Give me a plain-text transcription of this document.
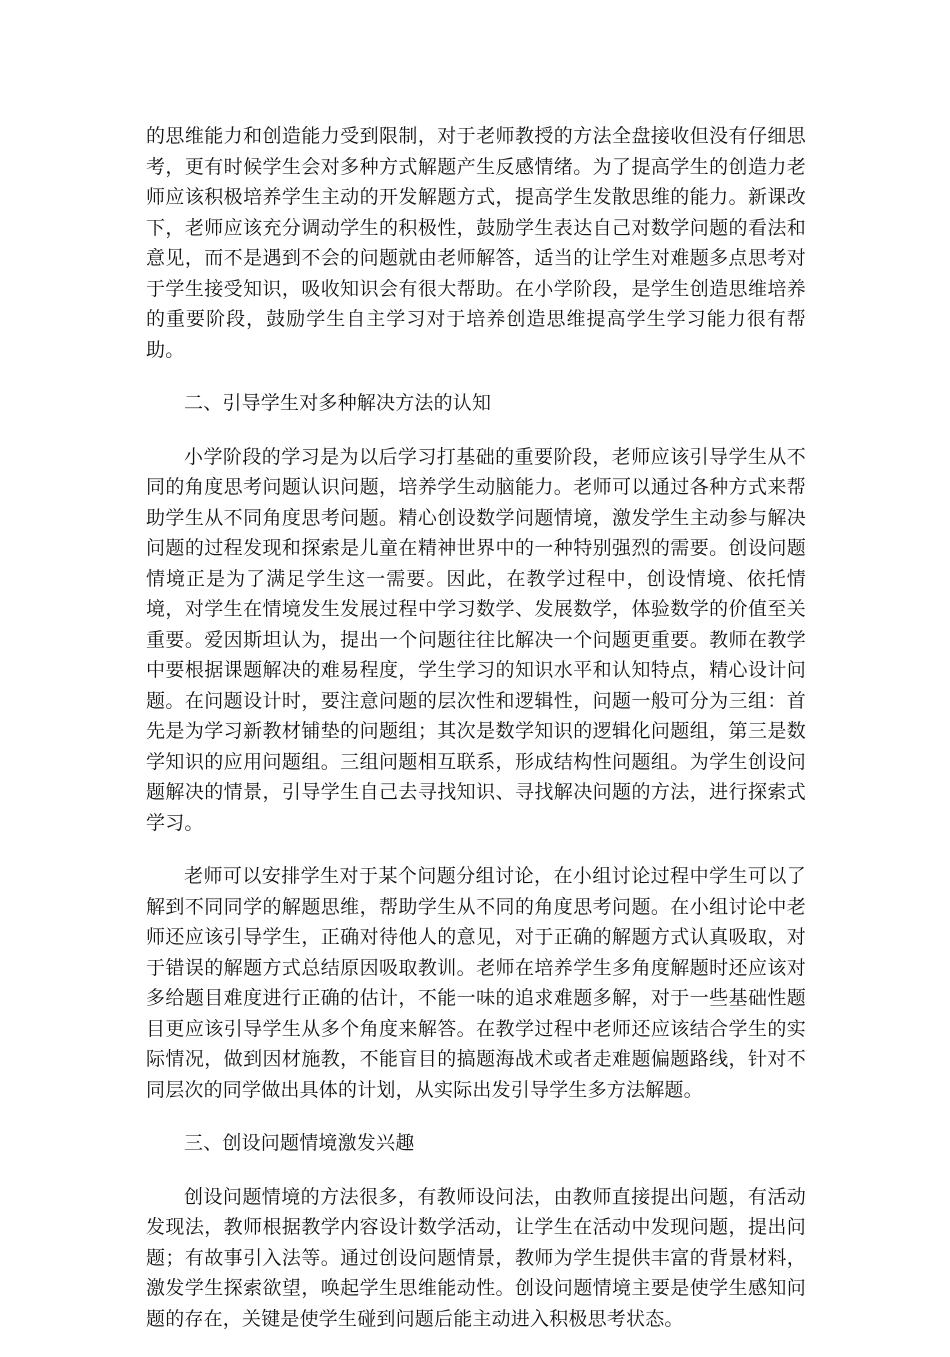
的思维能力和创造能力受到限制，对于老师教授的方法全盘接收但没有仔细思考，更有时候学生会对多种方式解题产生反感情绪。为了提高学生的创造力老师应该积极培养学生主动的开发解题方式，提高学生发散思维的能力。新课改下，老师应该充分调动学生的积极性，鼓励学生表达自己对数学问题的看法和意见，而不是遇到不会的问题就由老师解答，适当的让学生对难题多点思考对于学生接受知识，吸收知识会有很大帮助。在小学阶段，是学生创造思维培养的重要阶段，鼓励学生自主学习对于培养创造思维提高学生学习能力很有帮助。

二、引导学生对多种解决方法的认知

小学阶段的学习是为以后学习打基础的重要阶段，老师应该引导学生从不同的角度思考问题认识问题，培养学生动脑能力。老师可以通过各种方式来帮助学生从不同角度思考问题。精心创设数学问题情境，激发学生主动参与解决问题的过程发现和探索是儿童在精神世界中的一种特别强烈的需要。创设问题情境正是为了满足学生这一需要。因此，在教学过程中，创设情境、依托情境，对学生在情境发生发展过程中学习数学、发展数学，体验数学的价值至关重要。爱因斯坦认为，提出一个问题往往比解决一个问题更重要。教师在教学中要根据课题解决的难易程度，学生学习的知识水平和认知特点，精心设计问题。在问题设计时，要注意问题的层次性和逻辑性，问题一般可分为三组：首先是为学习新教材铺垫的问题组；其次是数学知识的逻辑化问题组，第三是数学知识的应用问题组。三组问题相互联系，形成结构性问题组。为学生创设问题解决的情景，引导学生自己去寻找知识、寻找解决问题的方法，进行探索式学习。

老师可以安排学生对于某个问题分组讨论，在小组讨论过程中学生可以了解到不同同学的解题思维，帮助学生从不同的角度思考问题。在小组讨论中老师还应该引导学生，正确对待他人的意见，对于正确的解题方式认真吸取，对于错误的解题方式总结原因吸取教训。老师在培养学生多角度解题时还应该对多给题目难度进行正确的估计，不能一味的追求难题多解，对于一些基础性题目更应该引导学生从多个角度来解答。在教学过程中老师还应该结合学生的实际情况，做到因材施教，不能盲目的搞题海战术或者走难题偏题路线，针对不同层次的同学做出具体的计划，从实际出发引导学生多方法解题。

三、创设问题情境激发兴趣

创设问题情境的方法很多，有教师设问法，由教师直接提出问题，有活动发现法，教师根据教学内容设计数学活动，让学生在活动中发现问题，提出问题；有故事引入法等。通过创设问题情景，教师为学生提供丰富的背景材料， 激发学生探索欲望，唤起学生思维能动性。创设问题情境主要是使学生感知问题的存在，关键是使学生碰到问题后能主动进入积极思考状态。
